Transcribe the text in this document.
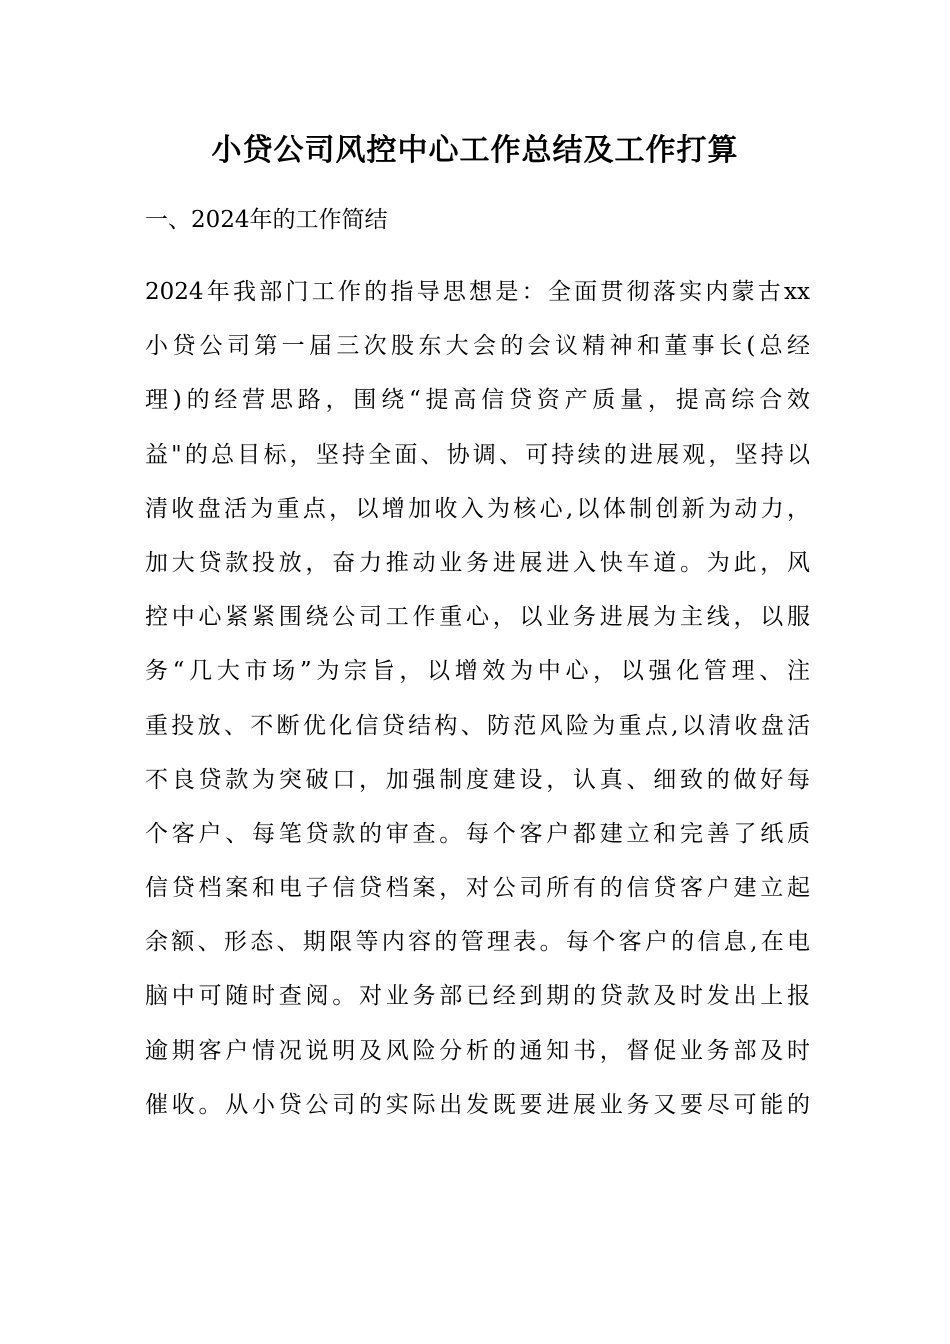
小贷公司风控中心工作总结及工作打算
一、2024年的工作简结
2024年我部门工作的指导思想是：全面贯彻落实内蒙古xx
小贷公司第一届三次股东大会的会议精神和董事长(总经
理)的经营思路，围绕“提高信贷资产质量，提高综合效
益"的总目标，坚持全面、协调、可持续的进展观，坚持以
清收盘活为重点，以增加收入为核心,以体制创新为动力，
加大贷款投放，奋力推动业务进展进入快车道。为此，风
控中心紧紧围绕公司工作重心，以业务进展为主线，以服
务“几大市场”为宗旨，以增效为中心，以强化管理、注
重投放、不断优化信贷结构、防范风险为重点,以清收盘活
不良贷款为突破口，加强制度建设，认真、细致的做好每
个客户、每笔贷款的审查。每个客户都建立和完善了纸质
信贷档案和电子信贷档案，对公司所有的信贷客户建立起
余额、形态、期限等内容的管理表。每个客户的信息,在电
脑中可随时查阅。对业务部已经到期的贷款及时发出上报
逾期客户情况说明及风险分析的通知书，督促业务部及时
催收。从小贷公司的实际出发既要进展业务又要尽可能的
